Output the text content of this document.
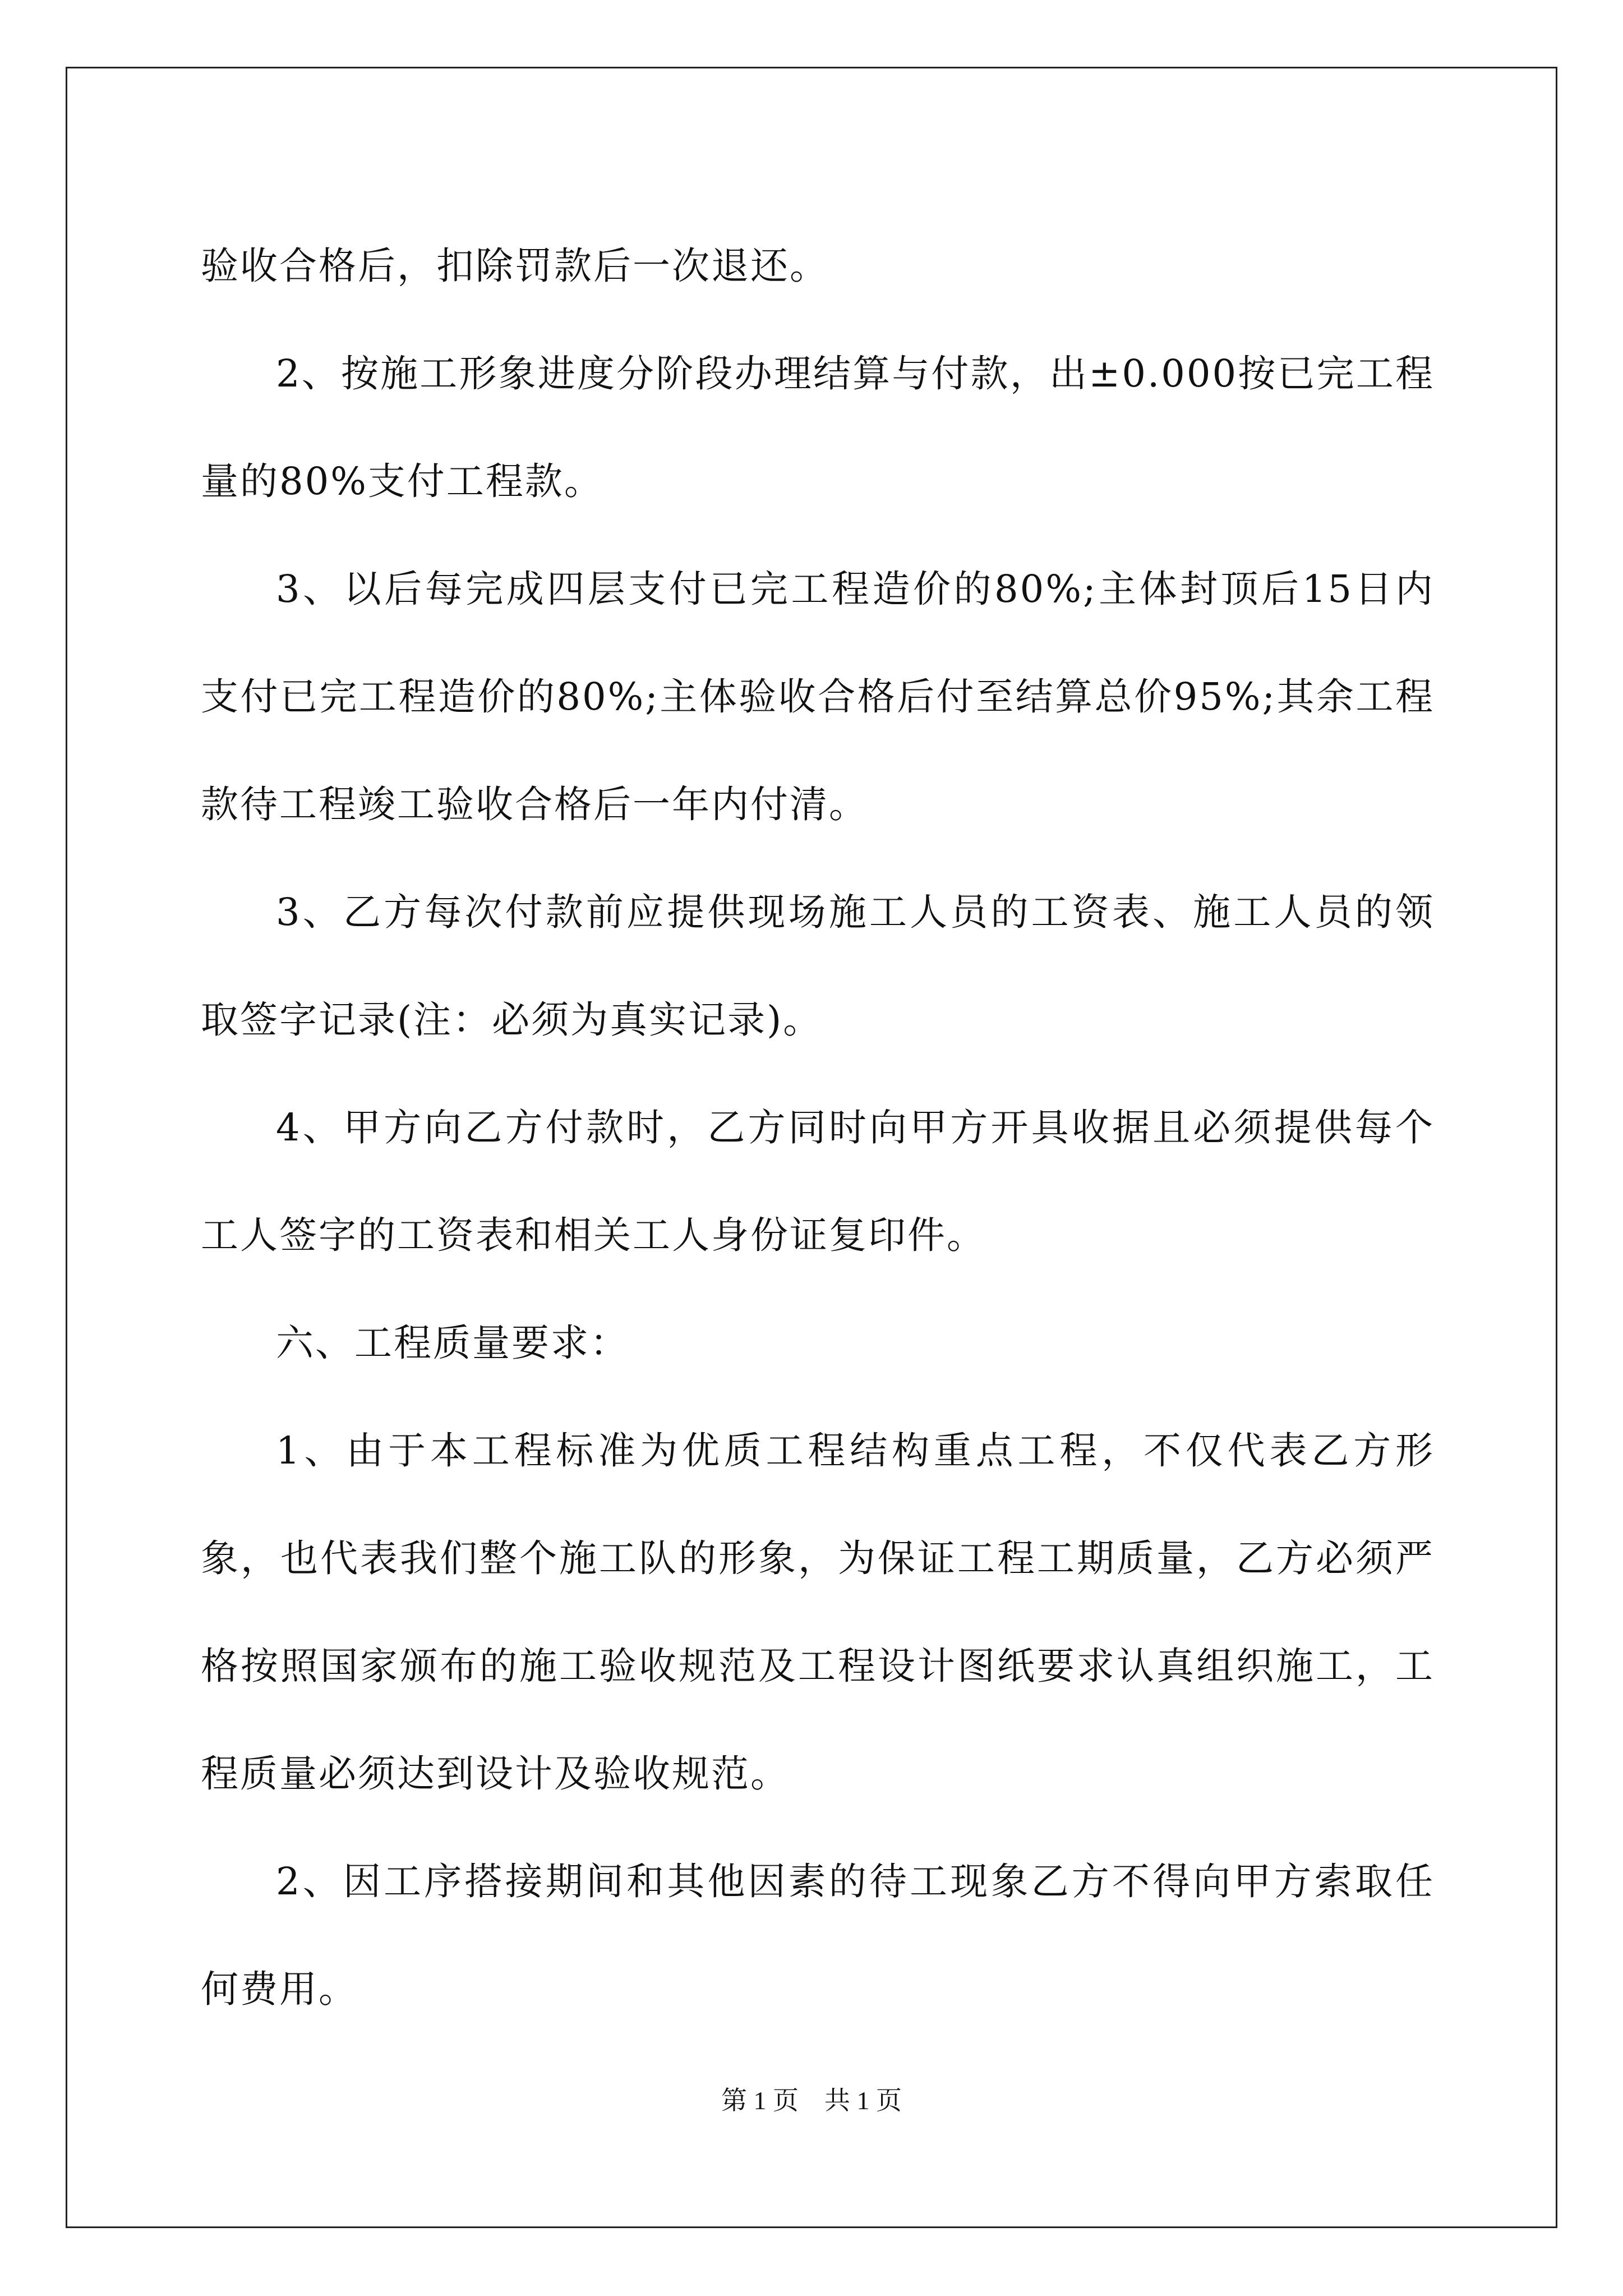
验收合格后，扣除罚款后一次退还。

2、按施工形象进度分阶段办理结算与付款，出±0.000按已完工程量的80%支付工程款。

3、以后每完成四层支付已完工程造价的80%;主体封顶后15日内支付已完工程造价的80%;主体验收合格后付至结算总价95%;其余工程款待工程竣工验收合格后一年内付清。

3、乙方每次付款前应提供现场施工人员的工资表、施工人员的领取签字记录(注：必须为真实记录)。

4、甲方向乙方付款时，乙方同时向甲方开具收据且必须提供每个工人签字的工资表和相关工人身份证复印件。

六、工程质量要求：

1、由于本工程标准为优质工程结构重点工程，不仅代表乙方形象，也代表我们整个施工队的形象，为保证工程工期质量，乙方必须严格按照国家颁布的施工验收规范及工程设计图纸要求认真组织施工，工程质量必须达到设计及验收规范。

2、因工序搭接期间和其他因素的待工现象乙方不得向甲方索取任何费用。

第 1 页　共 1 页
